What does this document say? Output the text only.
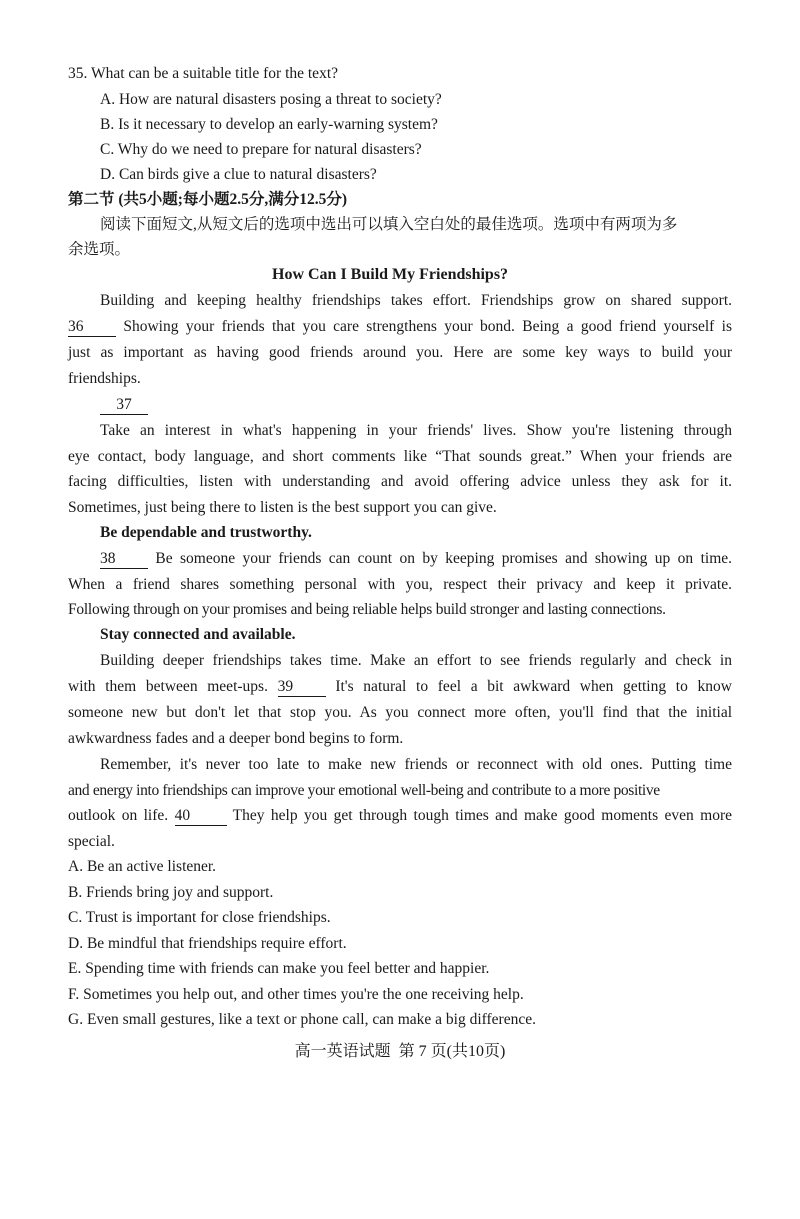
35. What can be a suitable title for the text?
A. How are natural disasters posing a threat to society?
B. Is it necessary to develop an early-warning system?
C. Why do we need to prepare for natural disasters?
D. Can birds give a clue to natural disasters?
第二节 (共5小题;每小题2.5分,满分12.5分)
阅读下面短文,从短文后的选项中选出可以填入空白处的最佳选项。选项中有两项为多
余选项。
How Can I Build My Friendships?
Building and keeping healthy friendships takes effort. Friendships grow on shared support.
36	Showing your friends that you care strengthens your bond. Being a good friend yourself is
just as important as having good friends around you. Here are some key ways to build your
friendships.
37
Take an interest in what's happening in your friends' lives. Show you're listening through
eye contact, body language, and short comments like “That sounds great.” When your friends are
facing difficulties, listen with understanding and avoid offering advice unless they ask for it.
Sometimes, just being there to listen is the best support you can give.
Be dependable and trustworthy.
38	Be someone your friends can count on by keeping promises and showing up on time.
When a friend shares something personal with you, respect their privacy and keep it private.
Following through on your promises and being reliable helps build stronger and lasting connections.
Stay connected and available.
Building deeper friendships takes time. Make an effort to see friends regularly and check in
with them between meet-ups. 39	It's natural to feel a bit awkward when getting to know
someone new but don't let that stop you. As you connect more often, you'll find that the initial
awkwardness fades and a deeper bond begins to form.
Remember, it's never too late to make new friends or reconnect with old ones. Putting time
and energy into friendships can improve your emotional well-being and contribute to a more positive
outlook on life. 40	They help you get through tough times and make good moments even more
special.
A. Be an active listener.
B. Friends bring joy and support.
C. Trust is important for close friendships.
D. Be mindful that friendships require effort.
E. Spending time with friends can make you feel better and happier.
F. Sometimes you help out, and other times you're the one receiving help.
G. Even small gestures, like a text or phone call, can make a big difference.
高一英语试题  第 7 页(共10页)
